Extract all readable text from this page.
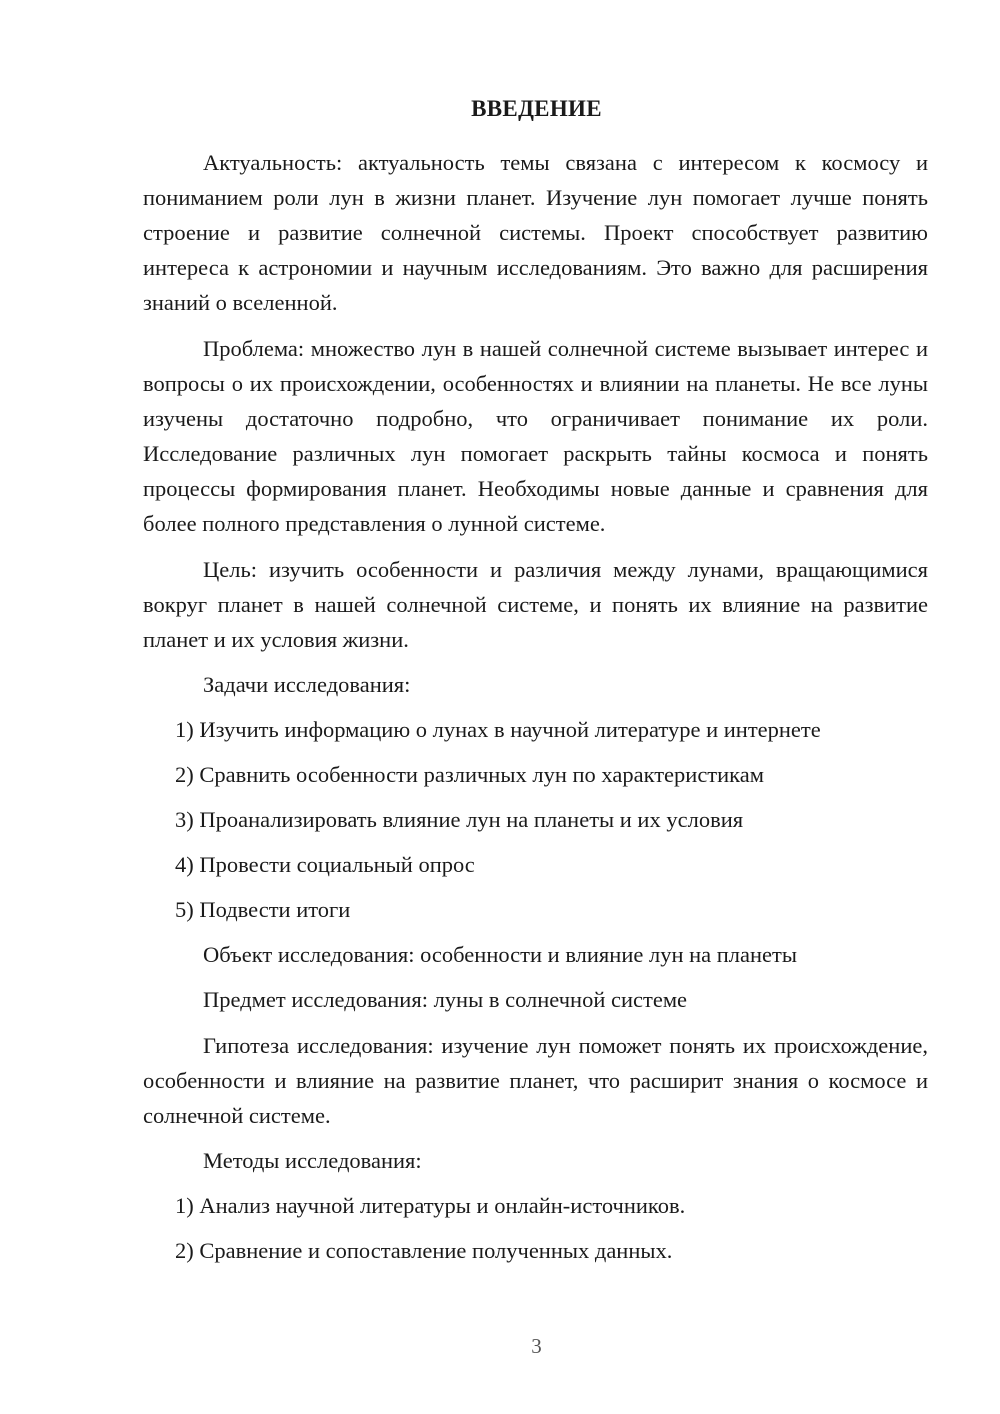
ВВЕДЕНИЕ

Актуальность: актуальность темы связана с интересом к космосу и пониманием роли лун в жизни планет. Изучение лун помогает лучше понять строение и развитие солнечной системы. Проект способствует развитию интереса к астрономии и научным исследованиям. Это важно для расширения знаний о вселенной.

Проблема: множество лун в нашей солнечной системе вызывает интерес и вопросы о их происхождении, особенностях и влиянии на планеты. Не все луны изучены достаточно подробно, что ограничивает понимание их роли. Исследование различных лун помогает раскрыть тайны космоса и понять процессы формирования планет. Необходимы новые данные и сравнения для более полного представления о лунной системе.

Цель: изучить особенности и различия между лунами, вращающимися вокруг планет в нашей солнечной системе, и понять их влияние на развитие планет и их условия жизни.

Задачи исследования:

1) Изучить информацию о лунах в научной литературе и интернете

2) Сравнить особенности различных лун по характеристикам

3) Проанализировать влияние лун на планеты и их условия

4) Провести социальный опрос

5) Подвести итоги

Объект исследования: особенности и влияние лун на планеты

Предмет исследования: луны в солнечной системе

Гипотеза исследования: изучение лун поможет понять их происхождение, особенности и влияние на развитие планет, что расширит знания о космосе и солнечной системе.

Методы исследования:

1) Анализ научной литературы и онлайн-источников.

2) Сравнение и сопоставление полученных данных.

3
